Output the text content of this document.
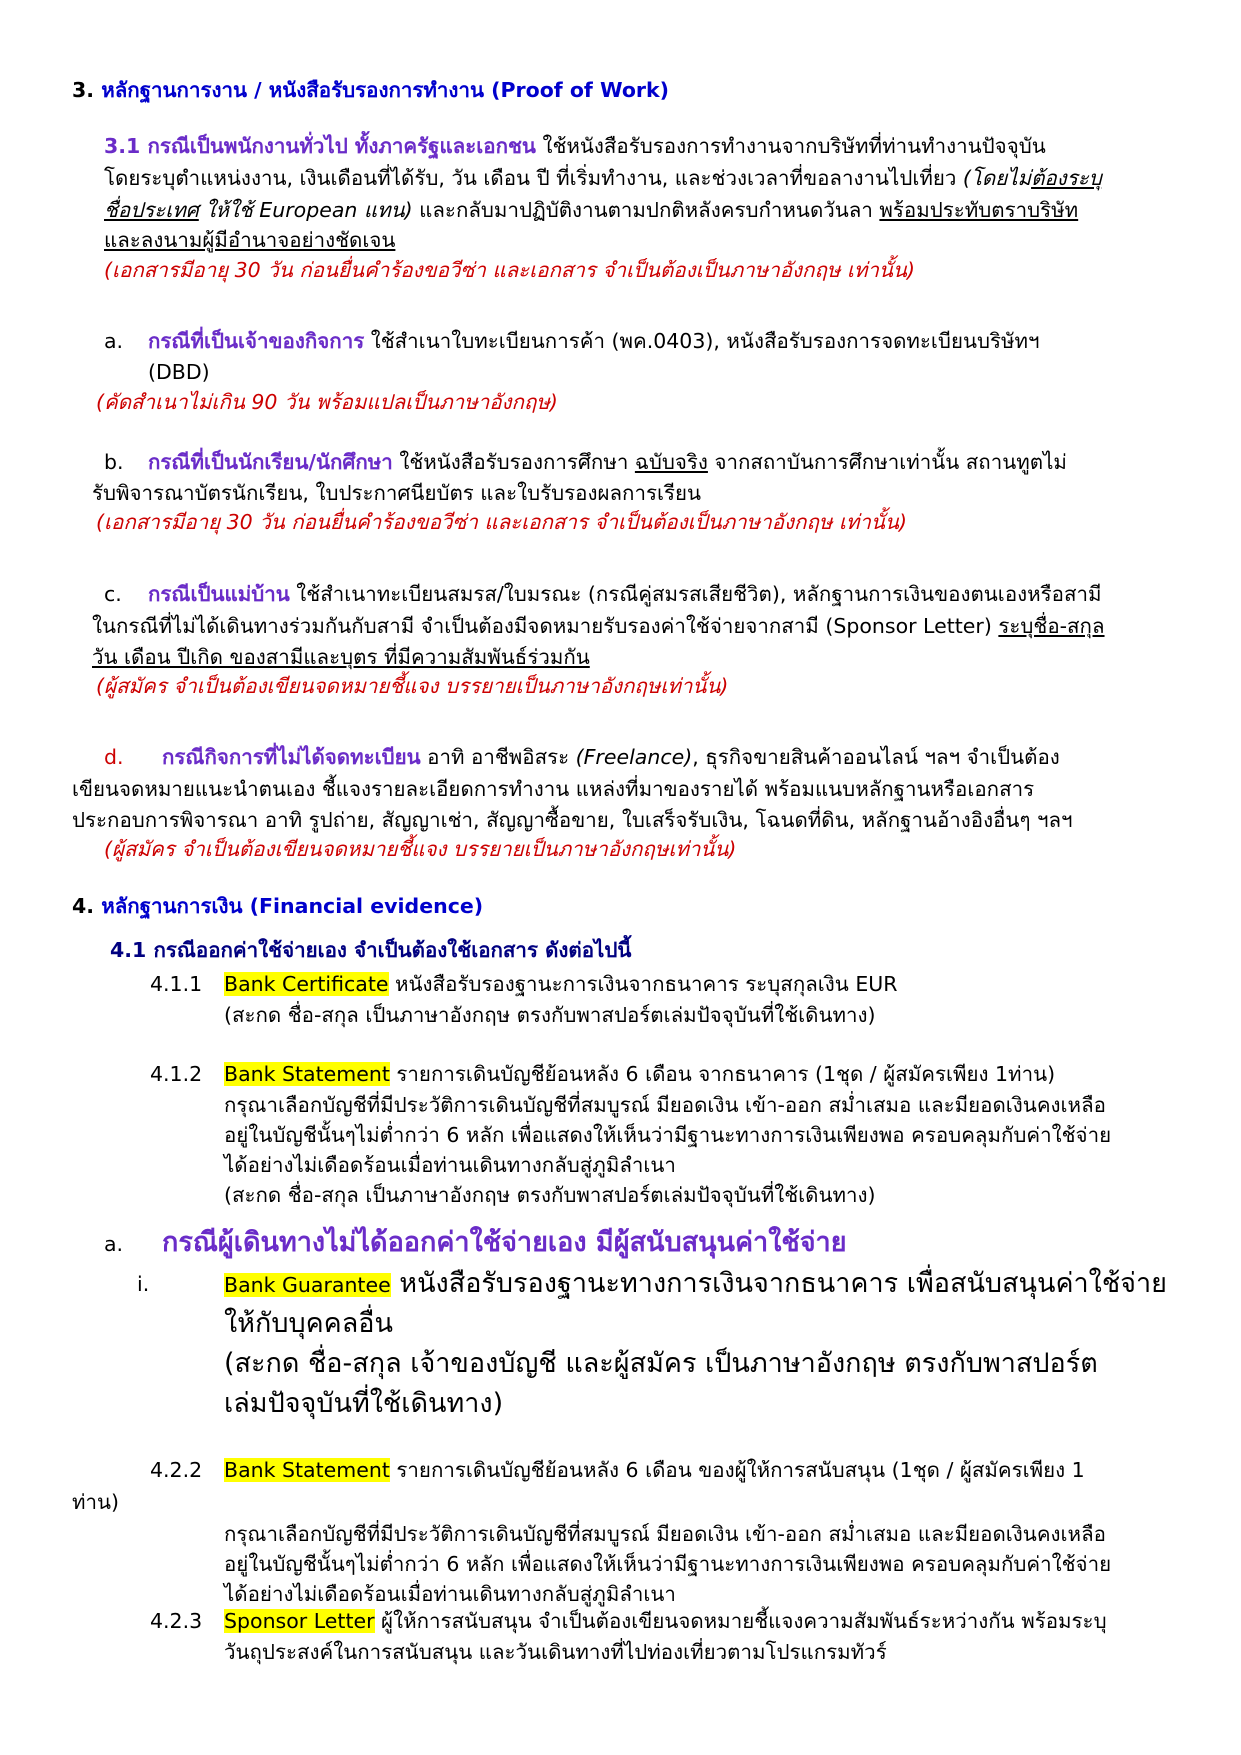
3. หลักฐานการงาน / หนังสือรับรองการทำงาน (Proof of Work)
3.1 กรณีเป็นพนักงานทั่วไป ทั้งภาครัฐและเอกชน ใช้หนังสือรับรองการทำงานจากบริษัทที่ท่านทำงานปัจจุบัน
โดยระบุตำแหน่งงาน, เงินเดือนที่ได้รับ, วัน เดือน ปี ที่เริ่มทำงาน, และช่วงเวลาที่ขอลางานไปเที่ยว (โดยไม่ต้องระบุ
ชื่อประเทศ ให้ใช้ European แทน) และกลับมาปฏิบัติงานตามปกติหลังครบกำหนดวันลา พร้อมประทับตราบริษัท
และลงนามผู้มีอำนาจอย่างชัดเจน
(เอกสารมีอายุ 30 วัน ก่อนยื่นคำร้องขอวีซ่า และเอกสาร จำเป็นต้องเป็นภาษาอังกฤษ เท่านั้น)
a. กรณีที่เป็นเจ้าของกิจการ ใช้สำเนาใบทะเบียนการค้า (พค.0403), หนังสือรับรองการจดทะเบียนบริษัทฯ
(DBD)
(คัดสำเนาไม่เกิน 90 วัน พร้อมแปลเป็นภาษาอังกฤษ)
b. กรณีที่เป็นนักเรียน/นักศึกษา ใช้หนังสือรับรองการศึกษา ฉบับจริง จากสถาบันการศึกษาเท่านั้น สถานทูตไม่
รับพิจารณาบัตรนักเรียน, ใบประกาศนียบัตร และใบรับรองผลการเรียน
(เอกสารมีอายุ 30 วัน ก่อนยื่นคำร้องขอวีซ่า และเอกสาร จำเป็นต้องเป็นภาษาอังกฤษ เท่านั้น)
c. กรณีเป็นแม่บ้าน ใช้สำเนาทะเบียนสมรส/ใบมรณะ (กรณีคู่สมรสเสียชีวิต), หลักฐานการเงินของตนเองหรือสามี
ในกรณีที่ไม่ได้เดินทางร่วมกันกับสามี จำเป็นต้องมีจดหมายรับรองค่าใช้จ่ายจากสามี (Sponsor Letter) ระบุชื่อ-สกุล
วัน เดือน ปีเกิด ของสามีและบุตร ที่มีความสัมพันธ์ร่วมกัน
(ผู้สมัคร จำเป็นต้องเขียนจดหมายชี้แจง บรรยายเป็นภาษาอังกฤษเท่านั้น)
d. กรณีกิจการที่ไม่ได้จดทะเบียน อาทิ อาชีพอิสระ (Freelance), ธุรกิจขายสินค้าออนไลน์ ฯลฯ จำเป็นต้อง
เขียนจดหมายแนะนำตนเอง ชี้แจงรายละเอียดการทำงาน แหล่งที่มาของรายได้ พร้อมแนบหลักฐานหรือเอกสาร
ประกอบการพิจารณา อาทิ รูปถ่าย, สัญญาเช่า, สัญญาซื้อขาย, ใบเสร็จรับเงิน, โฉนดที่ดิน, หลักฐานอ้างอิงอื่นๆ ฯลฯ
(ผู้สมัคร จำเป็นต้องเขียนจดหมายชี้แจง บรรยายเป็นภาษาอังกฤษเท่านั้น)
4. หลักฐานการเงิน (Financial evidence)
4.1 กรณีออกค่าใช้จ่ายเอง จำเป็นต้องใช้เอกสาร ดังต่อไปนี้
4.1.1 Bank Certificate หนังสือรับรองฐานะการเงินจากธนาคาร ระบุสกุลเงิน EUR
(สะกด ชื่อ-สกุล เป็นภาษาอังกฤษ ตรงกับพาสปอร์ตเล่มปัจจุบันที่ใช้เดินทาง)
4.1.2 Bank Statement รายการเดินบัญชีย้อนหลัง 6 เดือน จากธนาคาร (1ชุด / ผู้สมัครเพียง 1ท่าน)
กรุณาเลือกบัญชีที่มีประวัติการเดินบัญชีที่สมบูรณ์ มียอดเงิน เข้า-ออก สม่ำเสมอ และมียอดเงินคงเหลือ
อยู่ในบัญชีนั้นๆไม่ต่ำกว่า 6 หลัก เพื่อแสดงให้เห็นว่ามีฐานะทางการเงินเพียงพอ ครอบคลุมกับค่าใช้จ่าย
ได้อย่างไม่เดือดร้อนเมื่อท่านเดินทางกลับสู่ภูมิลำเนา
(สะกด ชื่อ-สกุล เป็นภาษาอังกฤษ ตรงกับพาสปอร์ตเล่มปัจจุบันที่ใช้เดินทาง)
a. กรณีผู้เดินทางไม่ได้ออกค่าใช้จ่ายเอง มีผู้สนับสนุนค่าใช้จ่าย
i.	Bank Guarantee หนังสือรับรองฐานะทางการเงินจากธนาคาร เพื่อสนับสนุนค่าใช้จ่าย
ให้กับบุคคลอื่น
(สะกด ชื่อ-สกุล เจ้าของบัญชี และผู้สมัคร เป็นภาษาอังกฤษ ตรงกับพาสปอร์ต
เล่มปัจจุบันที่ใช้เดินทาง)
4.2.2 Bank Statement รายการเดินบัญชีย้อนหลัง 6 เดือน ของผู้ให้การสนับสนุน (1ชุด / ผู้สมัครเพียง 1
ท่าน)
กรุณาเลือกบัญชีที่มีประวัติการเดินบัญชีที่สมบูรณ์ มียอดเงิน เข้า-ออก สม่ำเสมอ และมียอดเงินคงเหลือ
อยู่ในบัญชีนั้นๆไม่ต่ำกว่า 6 หลัก เพื่อแสดงให้เห็นว่ามีฐานะทางการเงินเพียงพอ ครอบคลุมกับค่าใช้จ่าย
ได้อย่างไม่เดือดร้อนเมื่อท่านเดินทางกลับสู่ภูมิลำเนา
4.2.3 Sponsor Letter ผู้ให้การสนับสนุน จำเป็นต้องเขียนจดหมายชี้แจงความสัมพันธ์ระหว่างกัน พร้อมระบุ
วันถุประสงค์ในการสนับสนุน และวันเดินทางที่ไปท่องเที่ยวตามโปรแกรมทัวร์
